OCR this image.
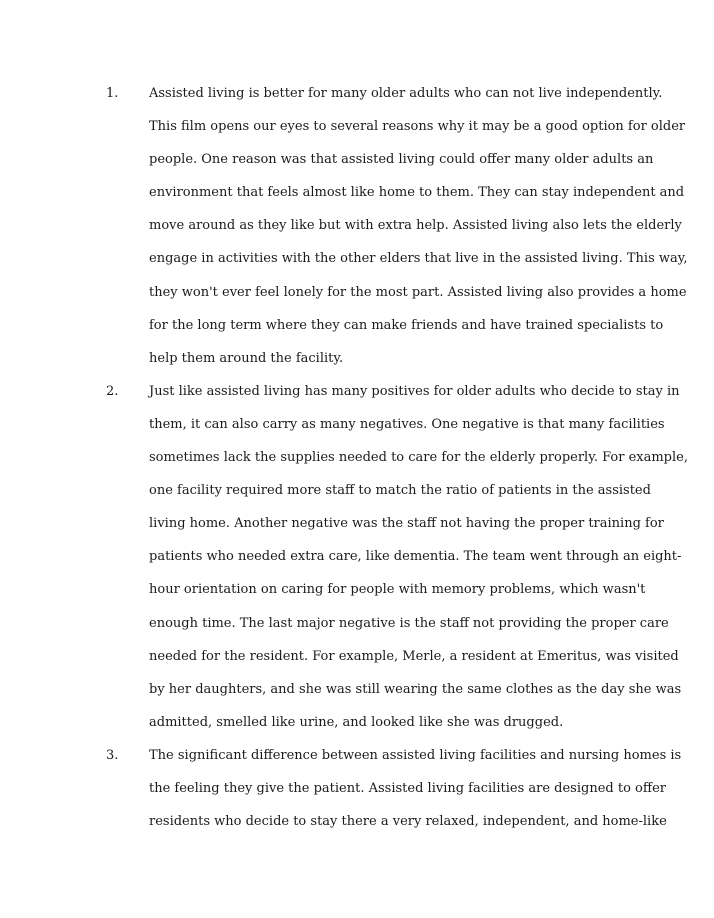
1. Assisted living is better for many older adults who can not live independently.
This film opens our eyes to several reasons why it may be a good option for older
people. One reason was that assisted living could offer many older adults an
environment that feels almost like home to them. They can stay independent and
move around as they like but with extra help. Assisted living also lets the elderly
engage in activities with the other elders that live in the assisted living. This way,
they won't ever feel lonely for the most part. Assisted living also provides a home
for the long term where they can make friends and have trained specialists to
help them around the facility.
2. Just like assisted living has many positives for older adults who decide to stay in
them, it can also carry as many negatives. One negative is that many facilities
sometimes lack the supplies needed to care for the elderly properly. For example,
one facility required more staff to match the ratio of patients in the assisted
living home. Another negative was the staff not having the proper training for
patients who needed extra care, like dementia. The team went through an eight-
hour orientation on caring for people with memory problems, which wasn't
enough time. The last major negative is the staff not providing the proper care
needed for the resident. For example, Merle, a resident at Emeritus, was visited
by her daughters, and she was still wearing the same clothes as the day she was
admitted, smelled like urine, and looked like she was drugged.
3. The significant difference between assisted living facilities and nursing homes is
the feeling they give the patient. Assisted living facilities are designed to offer
residents who decide to stay there a very relaxed, independent, and home-like
